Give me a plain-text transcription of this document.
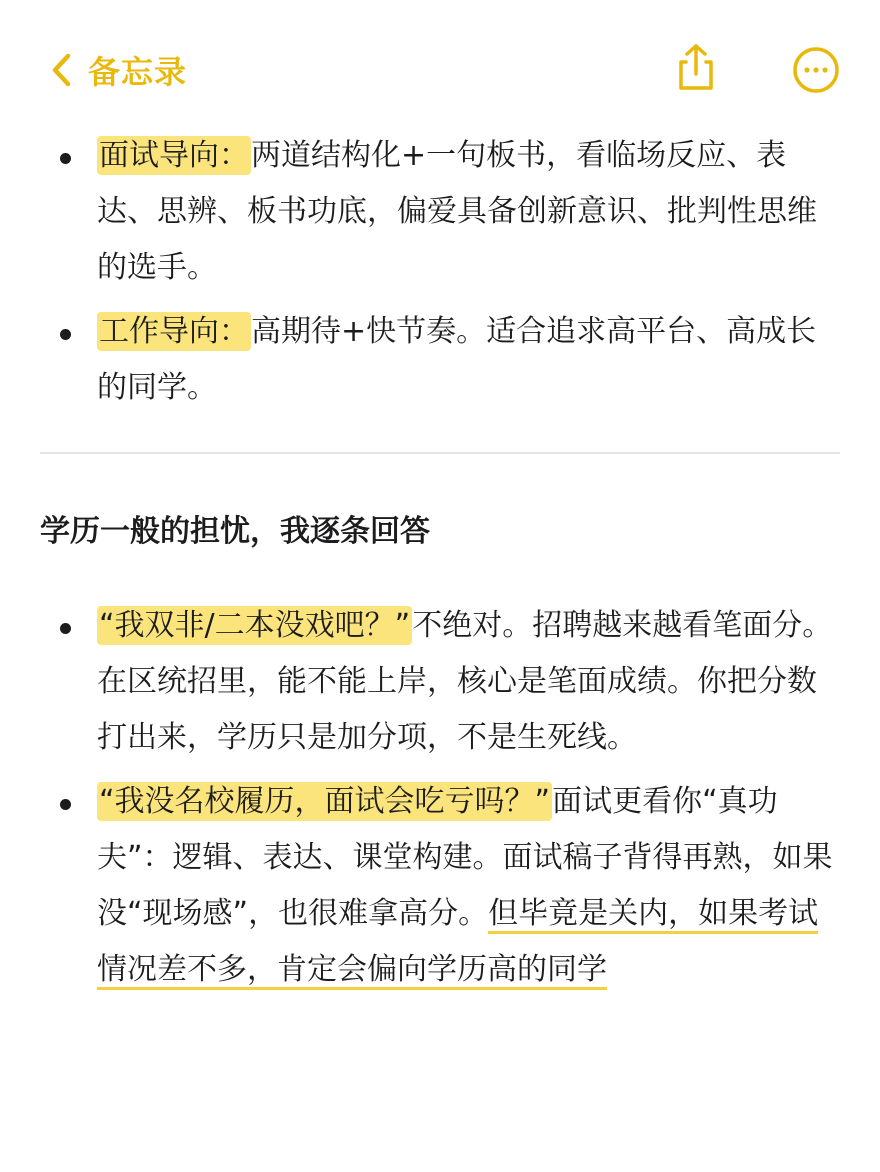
备忘录
面试导向：两道结构化+一句板书，看临场反应、表达、思辨、板书功底，偏爱具备创新意识、批判性思维的选手。
工作导向：高期待+快节奏。适合追求高平台、高成长的同学。
学历一般的担忧，我逐条回答
“我双非/二本没戏吧？”不绝对。招聘越来越看笔面分。在区统招里，能不能上岸，核心是笔面成绩。你把分数打出来，学历只是加分项，不是生死线。
“我没名校履历，面试会吃亏吗？”面试更看你“真功夫”：逻辑、表达、课堂构建。面试稿子背得再熟，如果没“现场感”，也很难拿高分。但毕竟是关内，如果考试情况差不多，肯定会偏向学历高的同学
